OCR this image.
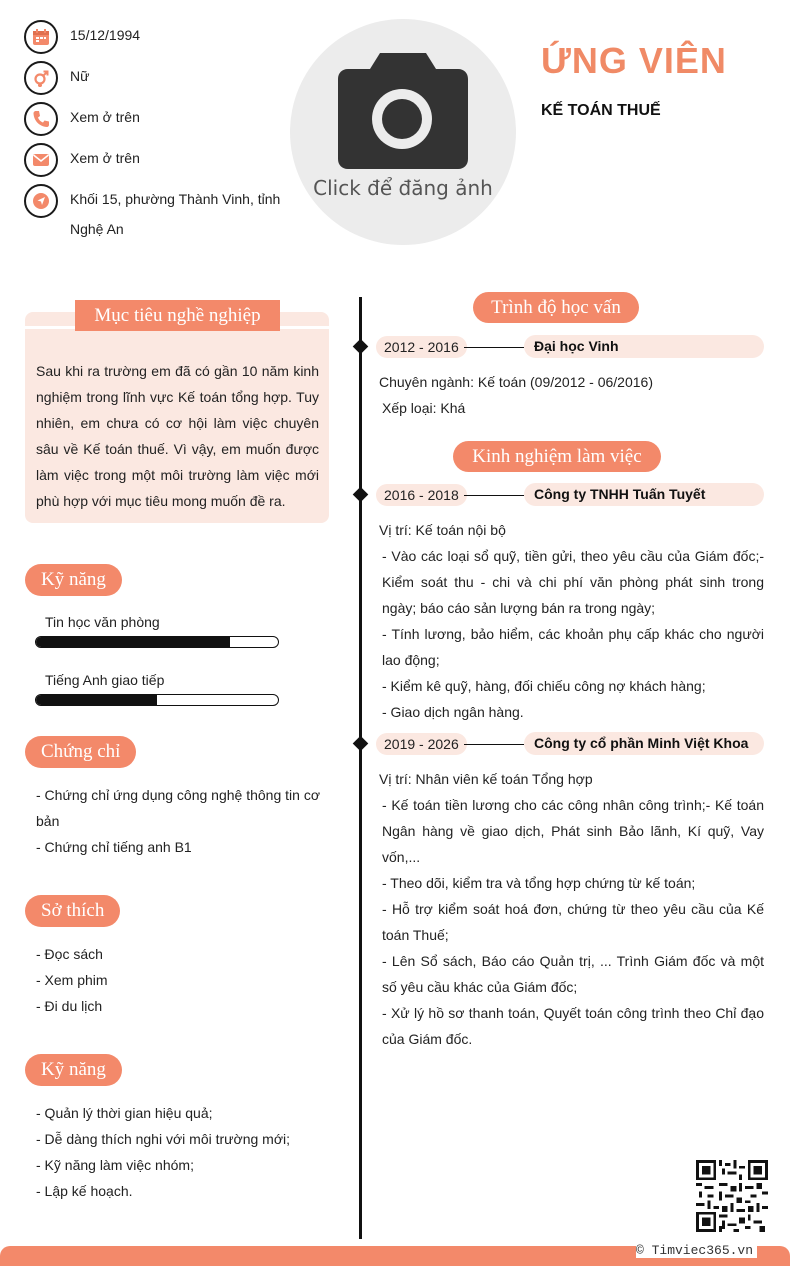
15/12/1994
Nữ
Xem ở trên
Xem ở trên
Khối 15, phường Thành Vinh, tỉnh Nghệ An
Click để đăng ảnh
ỨNG VIÊN
KẾ TOÁN THUẾ
Mục tiêu nghề nghiệp
Sau khi ra trường em đã có gần 10 năm kinh nghiệm trong lĩnh vực Kế toán tổng hợp. Tuy nhiên, em chưa có cơ hội làm việc chuyên sâu về Kế toán thuế. Vì vậy, em muốn được làm việc trong một môi trường làm việc mới phù hợp với mục tiêu mong muốn đề ra.
Kỹ năng
Tin học văn phòng
Tiếng Anh giao tiếp
Chứng chỉ
- Chứng chỉ ứng dụng công nghệ thông tin cơ bản
- Chứng chỉ tiếng anh B1
Sở thích
- Đọc sách
- Xem phim
- Đi du lịch
Kỹ năng
- Quản lý thời gian hiệu quả;
- Dễ dàng thích nghi với môi trường mới;
- Kỹ năng làm việc nhóm;
- Lập kế hoạch.
Trình độ học vấn
2012 - 2016	Đại học Vinh
Chuyên ngành: Kế toán (09/2012 - 06/2016)
Xếp loại: Khá
Kinh nghiệm làm việc
2016 - 2018	Công ty TNHH Tuấn Tuyết
Vị trí: Kế toán nội bộ
- Vào các loại sổ quỹ, tiền gửi, theo yêu cầu của Giám đốc;- Kiểm soát thu - chi và chi phí văn phòng phát sinh trong ngày; báo cáo sản lượng bán ra trong ngày;
- Tính lương, bảo hiểm, các khoản phụ cấp khác cho người lao động;
- Kiểm kê quỹ, hàng, đối chiếu công nợ khách hàng;
- Giao dịch ngân hàng.
2019 - 2026	Công ty cổ phần Minh Việt Khoa
Vị trí: Nhân viên kế toán Tổng hợp
- Kế toán tiền lương cho các công nhân công trình;- Kế toán Ngân hàng về giao dịch, Phát sinh Bảo lãnh, Kí quỹ, Vay vốn,...
- Theo dõi, kiểm tra và tổng hợp chứng từ kế toán;
- Hỗ trợ kiểm soát hoá đơn, chứng từ theo yêu cầu của Kế toán Thuế;
- Lên Sổ sách, Báo cáo Quản trị, ... Trình Giám đốc và một số yêu cầu khác của Giám đốc;
- Xử lý hồ sơ thanh toán, Quyết toán công trình theo Chỉ đạo của Giám đốc.
© Timviec365.vn
